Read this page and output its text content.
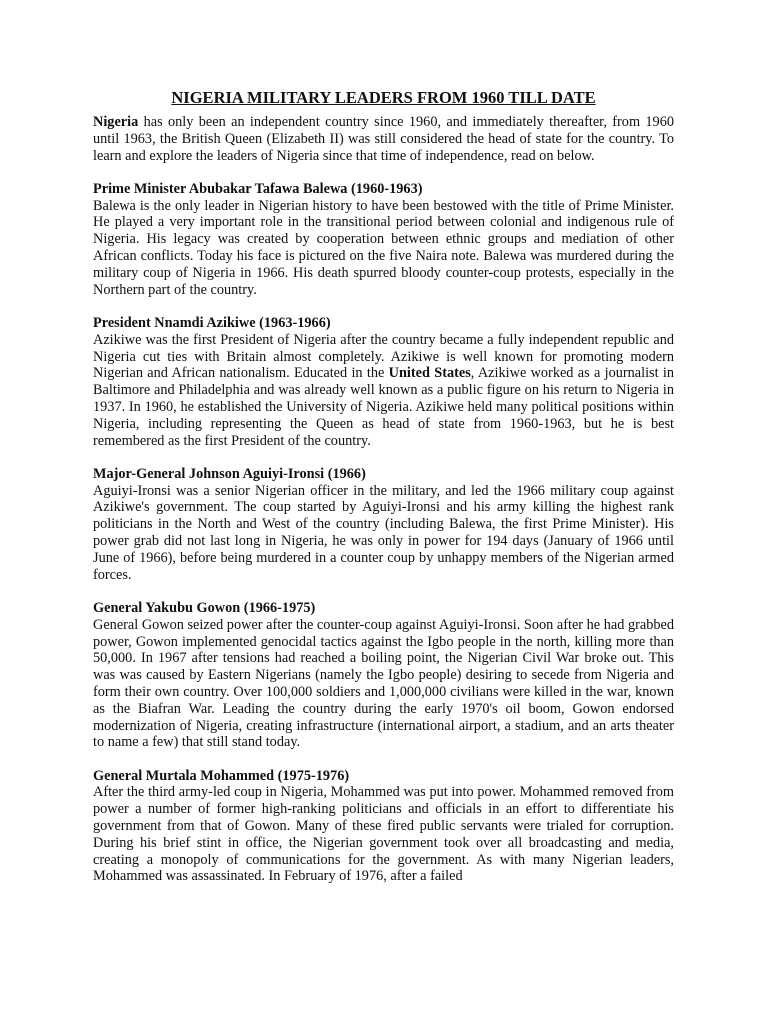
NIGERIA MILITARY LEADERS FROM 1960 TILL DATE

Nigeria has only been an independent country since 1960, and immediately thereafter, from 1960 until 1963, the British Queen (Elizabeth II) was still considered the head of state for the country. To learn and explore the leaders of Nigeria since that time of independence, read on below.

Prime Minister Abubakar Tafawa Balewa (1960-1963)

Balewa is the only leader in Nigerian history to have been bestowed with the title of Prime Minister. He played a very important role in the transitional period between colonial and indigenous rule of Nigeria. His legacy was created by cooperation between ethnic groups and mediation of other African conflicts. Today his face is pictured on the five Naira note. Balewa was murdered during the military coup of Nigeria in 1966. His death spurred bloody counter-coup protests, especially in the Northern part of the country.

President Nnamdi Azikiwe (1963-1966)

Azikiwe was the first President of Nigeria after the country became a fully independent republic and Nigeria cut ties with Britain almost completely. Azikiwe is well known for promoting modern Nigerian and African nationalism. Educated in the United States, Azikiwe worked as a journalist in Baltimore and Philadelphia and was already well known as a public figure on his return to Nigeria in 1937. In 1960, he established the University of Nigeria. Azikiwe held many political positions within Nigeria, including representing the Queen as head of state from 1960-1963, but he is best remembered as the first President of the country.

Major-General Johnson Aguiyi-Ironsi (1966)

Aguiyi-Ironsi was a senior Nigerian officer in the military, and led the 1966 military coup against Azikiwe's government. The coup started by Aguiyi-Ironsi and his army killing the highest rank politicians in the North and West of the country (including Balewa, the first Prime Minister). His power grab did not last long in Nigeria, he was only in power for 194 days (January of 1966 until June of 1966), before being murdered in a counter coup by unhappy members of the Nigerian armed forces.

General Yakubu Gowon (1966-1975)

General Gowon seized power after the counter-coup against Aguiyi-Ironsi. Soon after he had grabbed power, Gowon implemented genocidal tactics against the Igbo people in the north, killing more than 50,000. In 1967 after tensions had reached a boiling point, the Nigerian Civil War broke out. This was was caused by Eastern Nigerians (namely the Igbo people) desiring to secede from Nigeria and form their own country. Over 100,000 soldiers and 1,000,000 civilians were killed in the war, known as the Biafran War. Leading the country during the early 1970's oil boom, Gowon endorsed modernization of Nigeria, creating infrastructure (international airport, a stadium, and an arts theater to name a few) that still stand today.

General Murtala Mohammed (1975-1976)

After the third army-led coup in Nigeria, Mohammed was put into power. Mohammed removed from power a number of former high-ranking politicians and officials in an effort to differentiate his government from that of Gowon. Many of these fired public servants were trialed for corruption. During his brief stint in office, the Nigerian government took over all broadcasting and media, creating a monopoly of communications for the government. As with many Nigerian leaders, Mohammed was assassinated. In February of 1976, after a failed
